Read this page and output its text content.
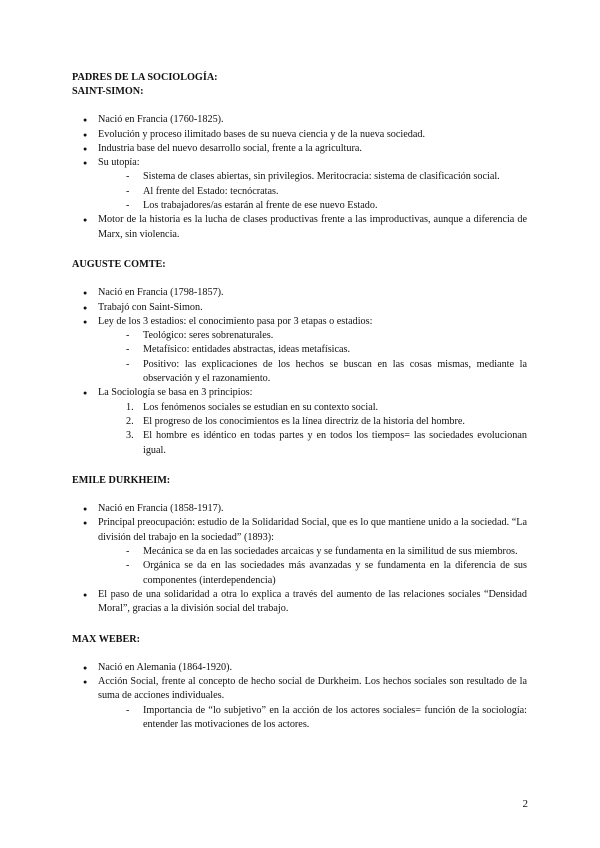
PADRES DE LA SOCIOLOGÍA:
SAINT-SIMON:
● Nació en Francia (1760-1825).
● Evolución y proceso ilimitado bases de su nueva ciencia y de la nueva sociedad.
● Industria base del nuevo desarrollo social, frente a la agricultura.
● Su utopía:
- Sistema de clases abiertas, sin privilegios. Meritocracia: sistema de clasificación social.
- Al frente del Estado: tecnócratas.
- Los trabajadores/as estarán al frente de ese nuevo Estado.
● Motor de la historia es la lucha de clases productivas frente a las improductivas, aunque a diferencia de Marx, sin violencia.
AUGUSTE COMTE:
● Nació en Francia (1798-1857).
● Trabajó con Saint-Simon.
● Ley de los 3 estadios: el conocimiento pasa por 3 etapas o estadios:
- Teológico: seres sobrenaturales.
- Metafísico: entidades abstractas, ideas metafísicas.
- Positivo: las explicaciones de los hechos se buscan en las cosas mismas, mediante la observación y el razonamiento.
● La Sociología se basa en 3 principios:
1. Los fenómenos sociales se estudian en su contexto social.
2. El progreso de los conocimientos es la línea directriz de la historia del hombre.
3. El hombre es idéntico en todas partes y en todos los tiempos= las sociedades evolucionan igual.
EMILE DURKHEIM:
● Nació en Francia (1858-1917).
● Principal preocupación: estudio de la Solidaridad Social, que es lo que mantiene unido a la sociedad. “La división del trabajo en la sociedad” (1893):
- Mecánica se da en las sociedades arcaicas y se fundamenta en la similitud de sus miembros.
- Orgánica se da en las sociedades más avanzadas y se fundamenta en la diferencia de sus componentes (interdependencia)
● El paso de una solidaridad a otra lo explica a través del aumento de las relaciones sociales “Densidad Moral”, gracias a la división social del trabajo.
MAX WEBER:
● Nació en Alemania (1864-1920).
● Acción Social, frente al concepto de hecho social de Durkheim. Los hechos sociales son resultado de la suma de acciones individuales.
- Importancia de “lo subjetivo” en la acción de los actores sociales= función de la sociología: entender las motivaciones de los actores.
2
